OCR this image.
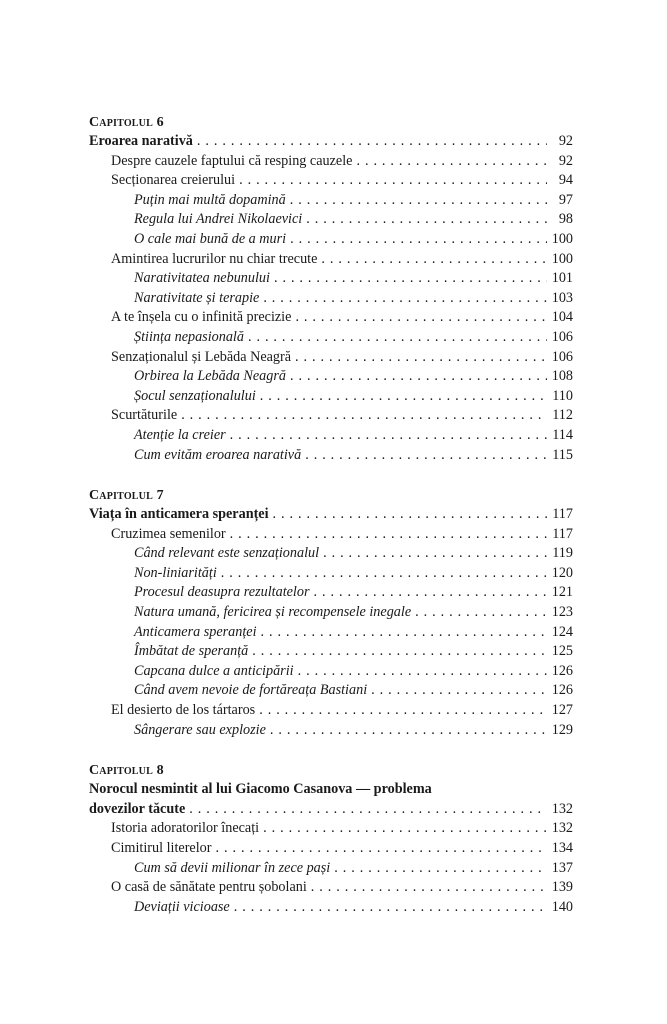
Capitolul 6
Eroarea narativă . . .	92
Despre cauzele faptului că resping cauzele . . .	92
Secționarea creierului . . .	94
Puțin mai multă dopamină . . .	97
Regula lui Andrei Nikolaevici . . .	98
O cale mai bună de a muri . . .	100
Amintirea lucrurilor nu chiar trecute . . .	100
Narativitatea nebunului . . .	101
Narativitate și terapie . . .	103
A te înșela cu o infinită precizie . . .	104
Știința nepasională . . .	106
Senzaționalul și Lebăda Neagră . . .	106
Orbirea la Lebăda Neagră . . .	108
Șocul senzaționalului . . .	110
Scurtăturile . . .	112
Atenție la creier . . .	114
Cum evităm eroarea narativă . . .	115
Capitolul 7
Viața în anticamera speranței . . .	117
Cruzimea semenilor . . .	117
Când relevant este senzaționalul . . .	119
Non-liniarități . . .	120
Procesul deasupra rezultatelor . . .	121
Natura umană, fericirea și recompensele inegale . . .	123
Anticamera speranței . . .	124
Îmbătat de speranță . . .	125
Capcana dulce a anticipării . . .	126
Când avem nevoie de fortăreața Bastiani . . .	126
El desierto de los tártaros . . .	127
Sângerare sau explozie . . .	129
Capitolul 8
Norocul nesmintit al lui Giacomo Casanova — problema
dovezilor tăcute . . .	132
Istoria adoratorilor înecați . . .	132
Cimitirul literelor . . .	134
Cum să devii milionar în zece pași . . .	137
O casă de sănătate pentru șobolani . . .	139
Deviații vicioase . . .	140
